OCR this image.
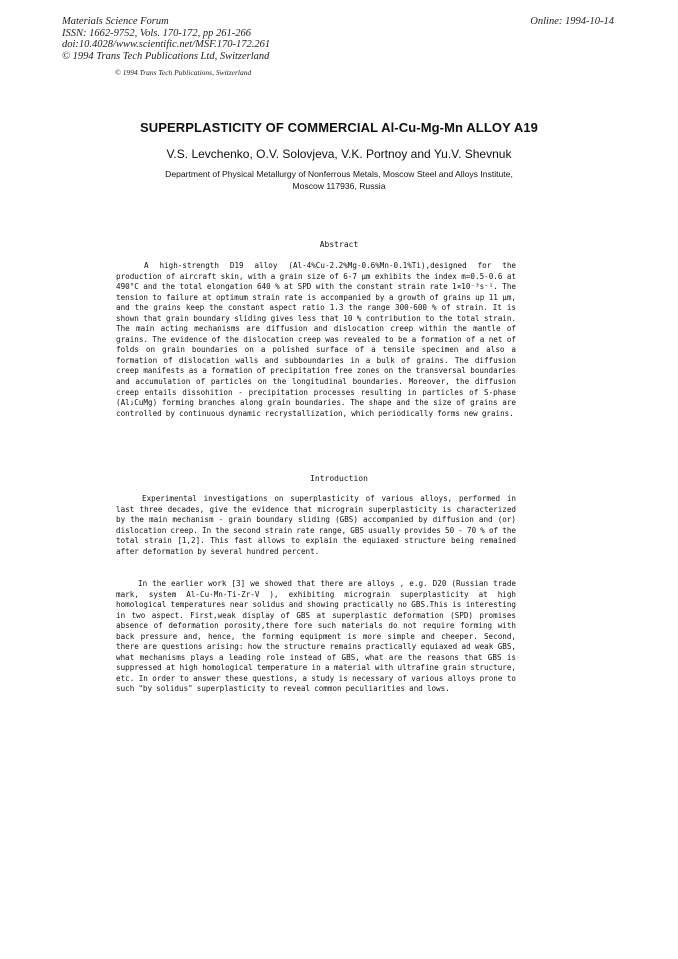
Materials Science Forum
ISSN: 1662-9752, Vols. 170-172, pp 261-266
doi:10.4028/www.scientific.net/MSF.170-172.261
© 1994 Trans Tech Publications Ltd, Switzerland
Online: 1994-10-14
© 1994 Trans Tech Publications, Switzerland
SUPERPLASTICITY OF COMMERCIAL Al-Cu-Mg-Mn ALLOY A19
V.S. Levchenko, O.V. Solovjeva, V.K. Portnoy and Yu.V. Shevnuk
Department of Physical Metallurgy of Nonferrous Metals, Moscow Steel and Alloys Institute,
Moscow 117936, Russia
Abstract
A high-strength D19 alloy (Al-4%Cu-2.2%Mg-0.6%Mn-0.1%Ti),designed for the production of aircraft skin, with a grain size of 6-7 µm exhibits the index m=0.5-0.6 at 490°C and the total elongation 640 % at SPD with the constant strain rate 1×10⁻³s⁻¹. The tension to failure at optimum strain rate is accompanied by a growth of grains up 11 µm, and the grains keep the constant aspect ratio 1.3 the range 300-600 % of strain. It is shown that grain boundary sliding gives less that 10 % contribution to the total strain. The main acting mechanisms are diffusion and dislocation creep within the mantle of grains. The evidence of the dislocation creep was revealed to be a formation of a net of folds on grain boundaries on a polished surface of a tensile specimen and also a formation of dislocation walls and subboundaries in a bulk of grains. The diffusion creep manifests as a formation of precipitation free zones on the transversal boundaries and accumulation of particles on the longitudinal boundaries. Moreover, the diffusion creep entails dissohition - precipitation processes resulting in particles of S-phase (Al₂CuMg) forming branches along grain boundaries. The shape and the size of grains are controlled by continuous dynamic recrystallization, which periodically forms new grains.
Introduction
Experimental investigations on superplasticity of various alloys, performed in last three decades, give the evidence that micrograin superplasticity is characterized by the main mechanism - grain boundary sliding (GBS) accompanied by diffusion and (or) dislocation creep. In the second strain rate range, GBS usually provides 50 - 70 % of the total strain [1,2]. This fast allows to explain the equiaxed structure being remained after deformation by several hundred percent.
In the earlier work [3] we showed that there are alloys , e.g. D20 (Russian trade mark, system Al-Cu-Mn-Ti-Zr-V ), exhibiting micrograin superplasticity at high homological temperatures near solidus and showing practically no GBS.This is interesting in two aspect. First,weak display of GBS at superplastic deformation (SPD) promises absence of deformation porosity,there fore such materials do not require forming with back pressure and, hence, the forming equipment is more simple and cheeper. Second, there are questions arising: how the structure remains practically equiaxed ad weak GBS, what mechanisms plays a leading role instead of GBS, what are the reasons that GBS is suppressed at high homological temperature in a material with ultrafine grain structure, etc. In order to answer these questions, a study is necessary of various alloys prone to such "by solidus" superplasticity to reveal common peculiarities and lows.
